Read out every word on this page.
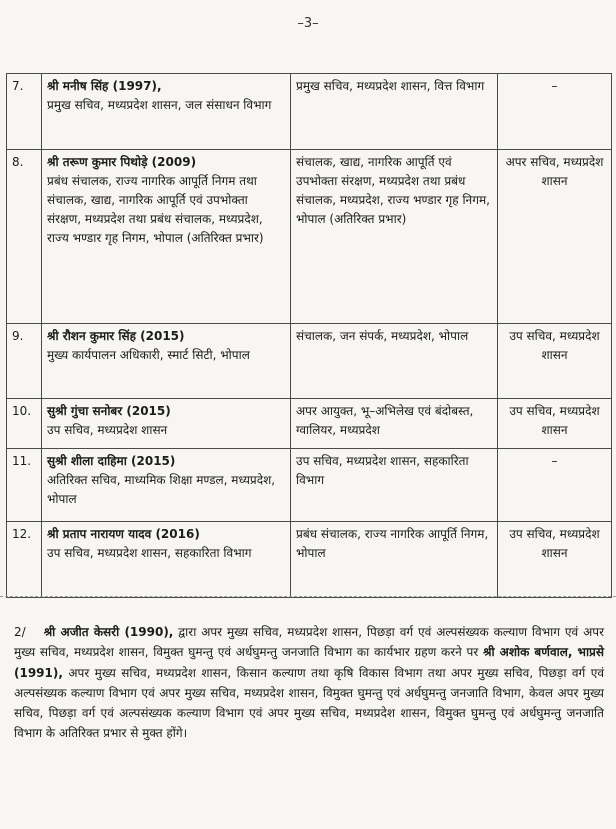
–3–
7.	श्री मनीष सिंह (1997),
प्रमुख सचिव, मध्यप्रदेश शासन, जल संसाधन विभाग	प्रमुख सचिव, मध्यप्रदेश शासन, वित्त विभाग	–
8.	श्री तरूण कुमार पिथोड़े (2009)
प्रबंध संचालक, राज्य नागरिक आपूर्ति निगम तथा संचालक, खाद्य, नागरिक आपूर्ति एवं उपभोक्ता संरक्षण, मध्यप्रदेश तथा प्रबंध संचालक, मध्यप्रदेश, राज्य भण्डार गृह निगम, भोपाल (अतिरिक्त प्रभार)	संचालक, खाद्य, नागरिक आपूर्ति एवं उपभोक्ता संरक्षण, मध्यप्रदेश तथा प्रबंध संचालक, मध्यप्रदेश, राज्य भण्डार गृह निगम, भोपाल (अतिरिक्त प्रभार)	अपर सचिव, मध्यप्रदेश शासन
9.	श्री रौशन कुमार सिंह (2015)
मुख्य कार्यपालन अधिकारी, स्मार्ट सिटी, भोपाल	संचालक, जन संपर्क, मध्यप्रदेश, भोपाल	उप सचिव, मध्यप्रदेश शासन
10.	सुश्री गुंचा सनोबर (2015)
उप सचिव, मध्यप्रदेश शासन	अपर आयुक्त, भू–अभिलेख एवं बंदोबस्त, ग्वालियर, मध्यप्रदेश	उप सचिव, मध्यप्रदेश शासन
11.	सुश्री शीला दाहिमा (2015)
अतिरिक्त सचिव, माध्यमिक शिक्षा मण्डल, मध्यप्रदेश, भोपाल	उप सचिव, मध्यप्रदेश शासन, सहकारिता विभाग	–
12.	श्री प्रताप नारायण यादव (2016)
उप सचिव, मध्यप्रदेश शासन, सहकारिता विभाग	प्रबंध संचालक, राज्य नागरिक आपूर्ति निगम, भोपाल	उप सचिव, मध्यप्रदेश शासन

2/ श्री अजीत केसरी (1990), द्वारा अपर मुख्य सचिव, मध्यप्रदेश शासन, पिछड़ा वर्ग एवं अल्पसंख्यक कल्याण विभाग एवं अपर मुख्य सचिव, मध्यप्रदेश शासन, विमुक्त घुमन्तु एवं अर्धघुमन्तु जनजाति विभाग का कार्यभार ग्रहण करने पर श्री अशोक बर्णवाल, भाप्रसे (1991), अपर मुख्य सचिव, मध्यप्रदेश शासन, किसान कल्याण तथा कृषि विकास विभाग तथा अपर मुख्य सचिव, पिछड़ा वर्ग एवं अल्पसंख्यक कल्याण विभाग एवं अपर मुख्य सचिव, मध्यप्रदेश शासन, विमुक्त घुमन्तु एवं अर्धघुमन्तु जनजाति विभाग, केवल अपर मुख्य सचिव, पिछड़ा वर्ग एवं अल्पसंख्यक कल्याण विभाग एवं अपर मुख्य सचिव, मध्यप्रदेश शासन, विमुक्त घुमन्तु एवं अर्धघुमन्तु जनजाति विभाग के अतिरिक्त प्रभार से मुक्त होंगे।
